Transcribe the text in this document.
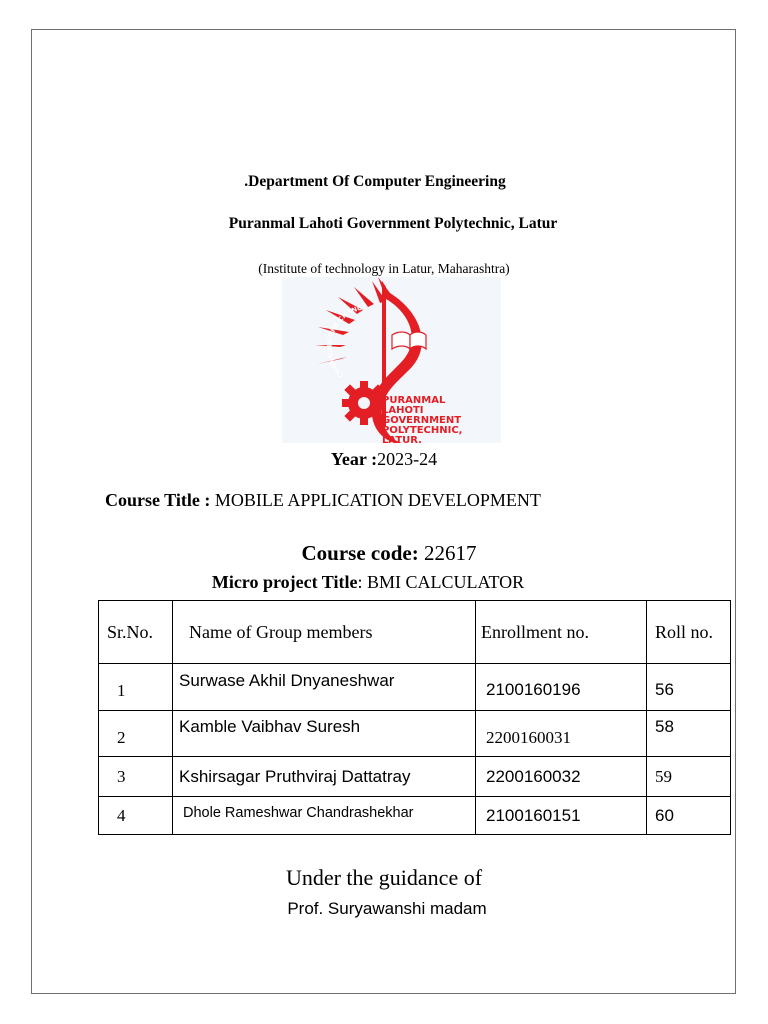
.Department Of Computer Engineering
Puranmal Lahoti Government Polytechnic, Latur
(Institute of technology in Latur, Maharashtra)
CHANGING THE CHANGE
PURANMAL
LAHOTI
GOVERNMENT
POLYTECHNIC,
LATUR.
Year :2023-24
Course Title : MOBILE APPLICATION DEVELOPMENT
Course code: 22617
Micro project Title: BMI CALCULATOR
Sr.No.	Name of Group members	Enrollment no.	Roll no.
1	Surwase Akhil Dnyaneshwar	2100160196	56
2	Kamble Vaibhav Suresh	2200160031	58
3	Kshirsagar Pruthviraj Dattatray	2200160032	59
4	Dhole Rameshwar Chandrashekhar	2100160151	60
Under the guidance of
Prof. Suryawanshi madam
